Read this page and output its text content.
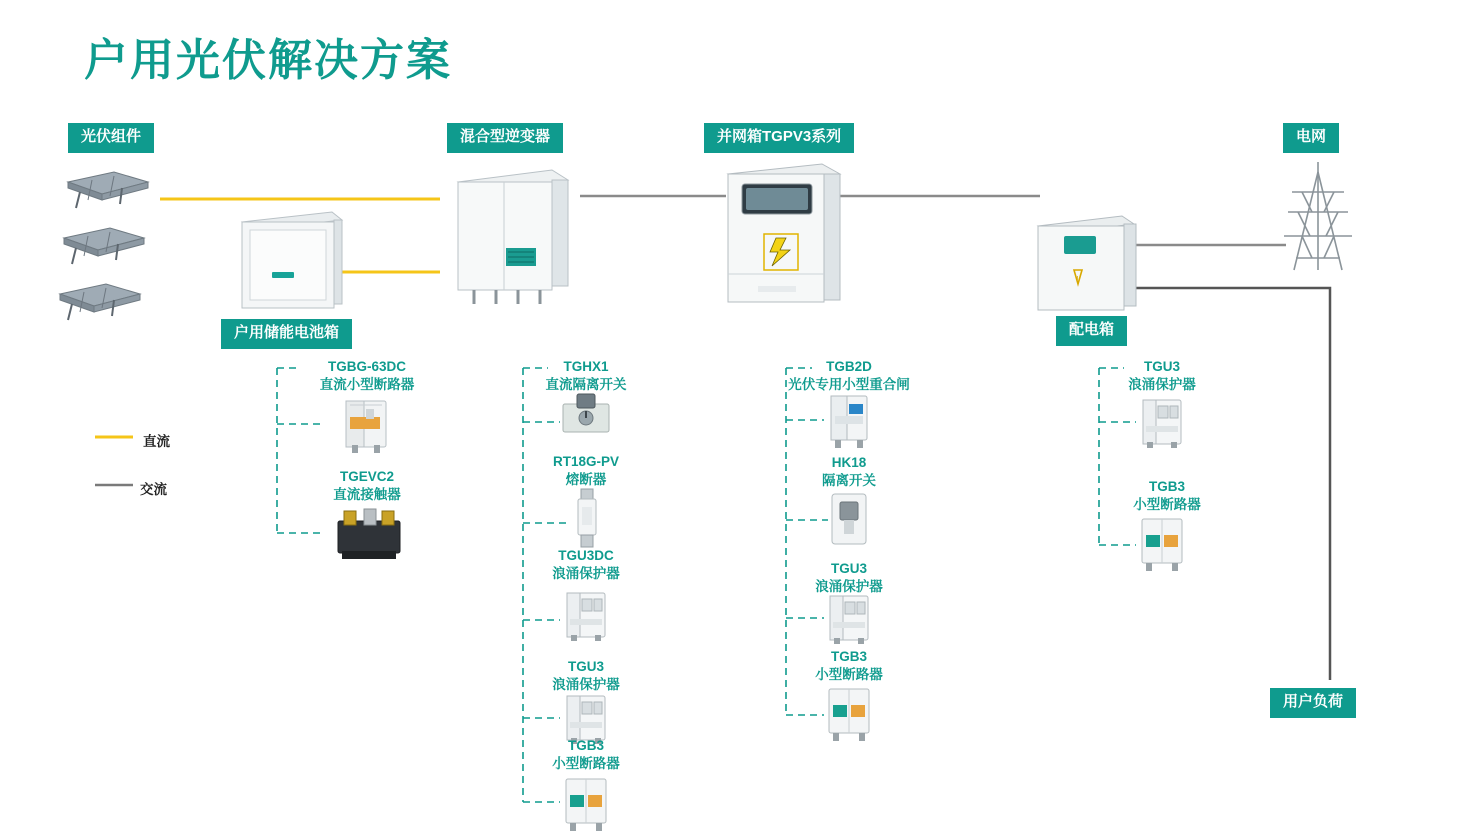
户用光伏解决方案
!
光伏组件	混合型逆变器	并网箱TGPV3系列	电网
户用储能电池箱	配电箱
用户负荷
直流
交流
TGBG-63DC
直流小型断路器
TGEVC2
直流接触器
TGHX1
直流隔离开关
RT18G-PV
熔断器
TGU3DC
浪涌保护器
TGU3
浪涌保护器
TGB3
小型断路器
TGB2D
光伏专用小型重合闸
HK18
隔离开关
TGU3
浪涌保护器
TGB3
小型断路器
TGU3
浪涌保护器
TGB3
小型断路器
